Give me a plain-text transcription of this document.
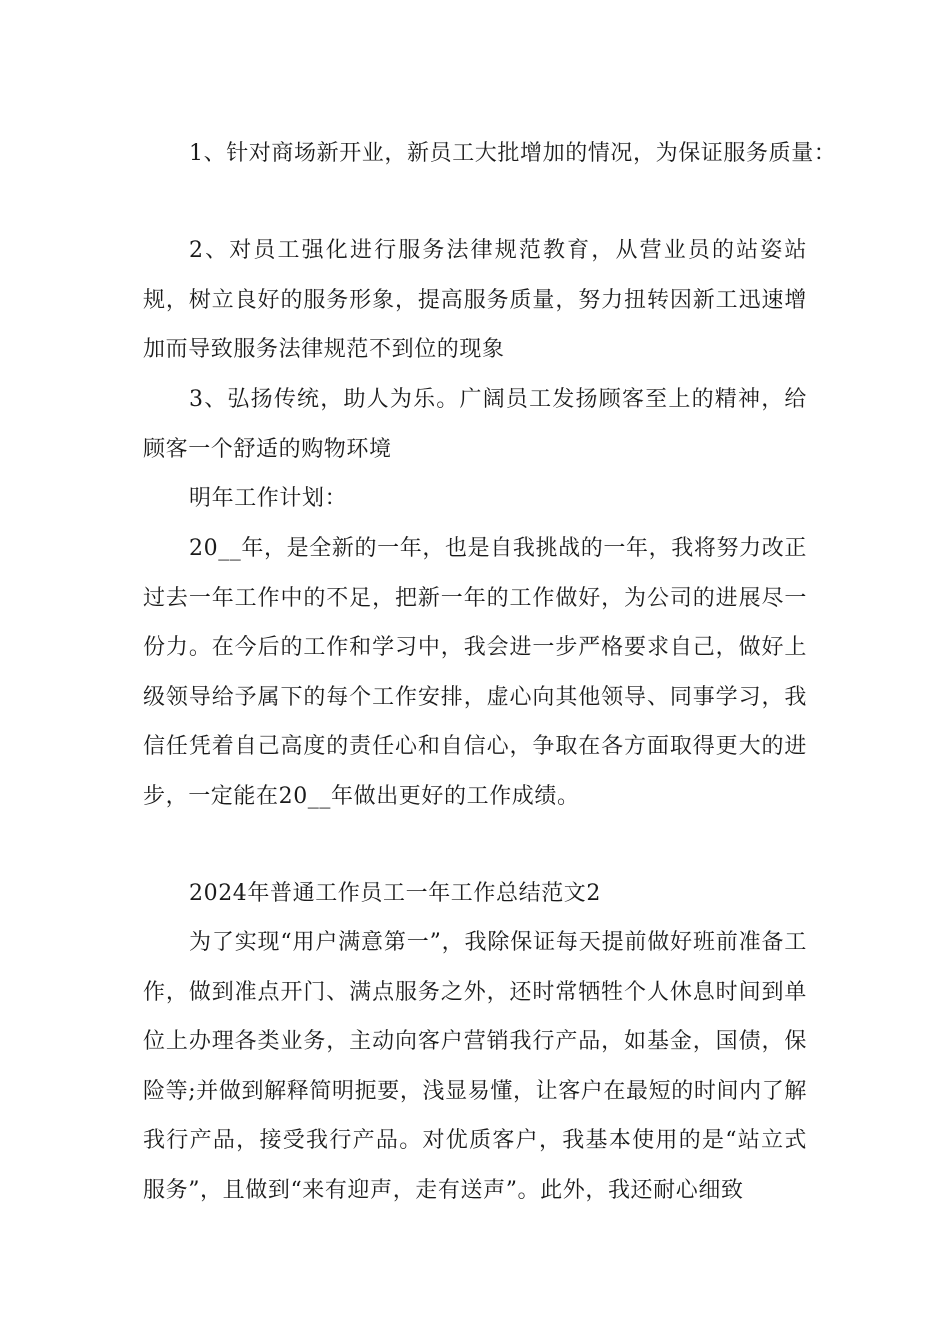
1、针对商场新开业，新员工大批增加的情况，为保证服务质量：

2、对员工强化进行服务法律规范教育，从营业员的站姿站规，树立良好的服务形象，提高服务质量，努力扭转因新工迅速增加而导致服务法律规范不到位的现象

3、弘扬传统，助人为乐。广阔员工发扬顾客至上的精神，给顾客一个舒适的购物环境

明年工作计划：

20__年，是全新的一年，也是自我挑战的一年，我将努力改正过去一年工作中的不足，把新一年的工作做好，为公司的进展尽一份力。在今后的工作和学习中，我会进一步严格要求自己，做好上级领导给予属下的每个工作安排，虚心向其他领导、同事学习，我信任凭着自己高度的责任心和自信心，争取在各方面取得更大的进步，一定能在20__年做出更好的工作成绩。

2024年普通工作员工一年工作总结范文2

为了实现“用户满意第一”，我除保证每天提前做好班前准备工作，做到准点开门、满点服务之外，还时常牺牲个人休息时间到单位上办理各类业务，主动向客户营销我行产品，如基金，国债，保险等;并做到解释简明扼要，浅显易懂，让客户在最短的时间内了解我行产品，接受我行产品。对优质客户，我基本使用的是“站立式服务”，且做到“来有迎声，走有送声”。此外，我还耐心细致
